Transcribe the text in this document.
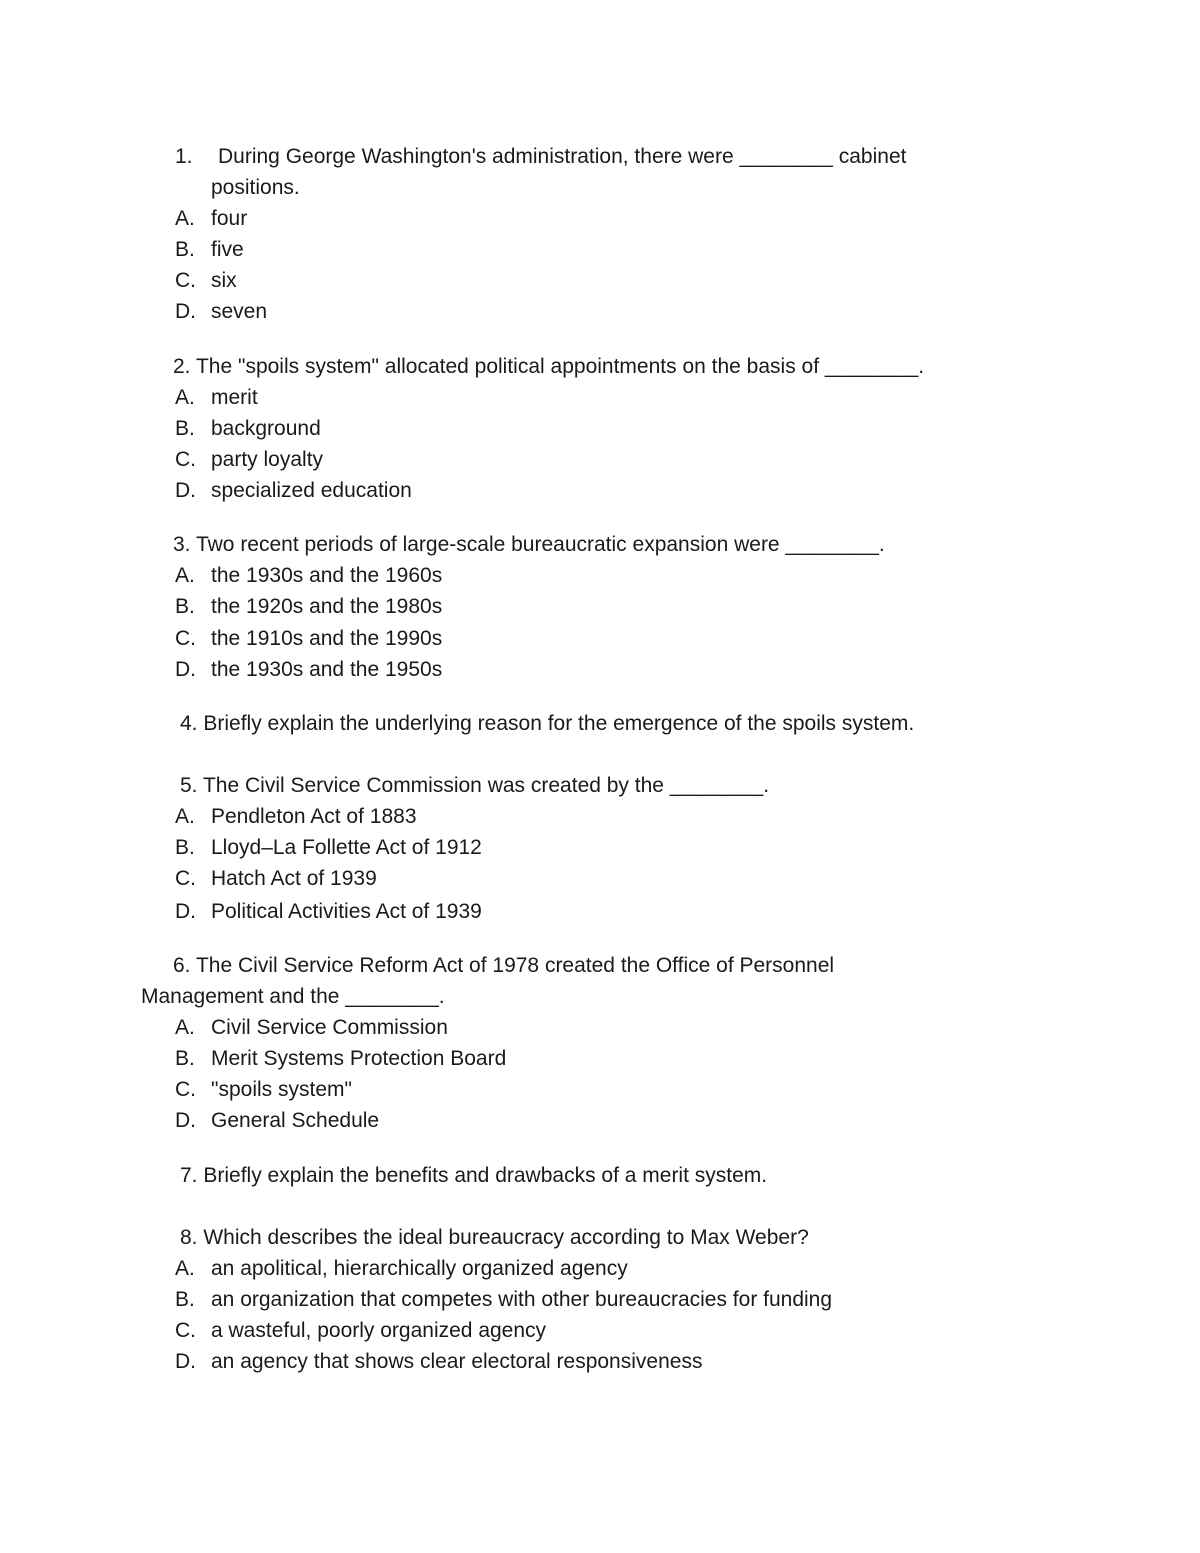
1. During George Washington's administration, there were ________ cabinet
positions.
A. four
B. five
C. six
D. seven
2. The "spoils system" allocated political appointments on the basis of ________.
A. merit
B. background
C. party loyalty
D. specialized education
3. Two recent periods of large-scale bureaucratic expansion were ________.
A. the 1930s and the 1960s
B. the 1920s and the 1980s
C. the 1910s and the 1990s
D. the 1930s and the 1950s
4. Briefly explain the underlying reason for the emergence of the spoils system.
5. The Civil Service Commission was created by the ________.
A. Pendleton Act of 1883
B. Lloyd–La Follette Act of 1912
C. Hatch Act of 1939
D. Political Activities Act of 1939
6. The Civil Service Reform Act of 1978 created the Office of Personnel
Management and the ________.
A. Civil Service Commission
B. Merit Systems Protection Board
C. "spoils system"
D. General Schedule
7. Briefly explain the benefits and drawbacks of a merit system.
8. Which describes the ideal bureaucracy according to Max Weber?
A. an apolitical, hierarchically organized agency
B. an organization that competes with other bureaucracies for funding
C. a wasteful, poorly organized agency
D. an agency that shows clear electoral responsiveness
